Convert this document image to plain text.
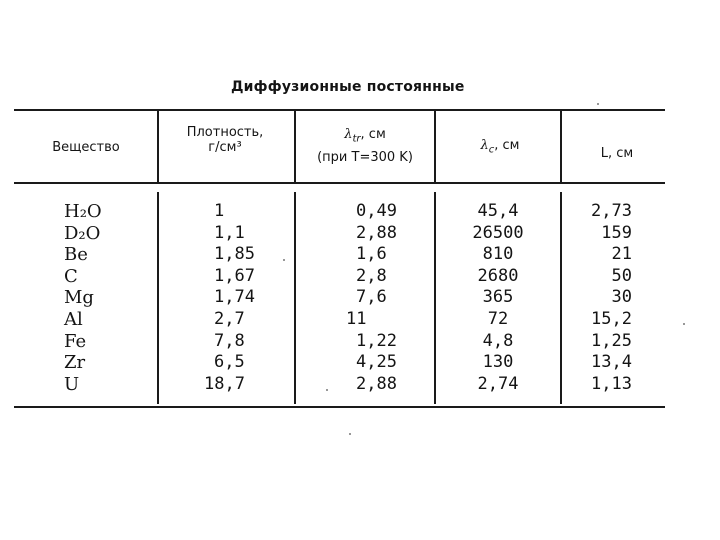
Диффузионные постоянные
Вещество
Плотность,
г/см³
$\lambda_{tr}$, см
(при T=300 K)
$\lambda_c$, см
L, см
H₂O
D₂O
Be
C
Mg
Al
Fe
Zr
U
1
1,1
1,85
1,67
1,74
2,7
7,8
6,5
18,7
0,49
2,88
1,6
2,8
7,6
11
1,22
4,25
2,88
45,4
26500
810
2680
365
72
4,8
130
2,74
2,73
159
21
50
30
15,2
1,25
13,4
1,13
